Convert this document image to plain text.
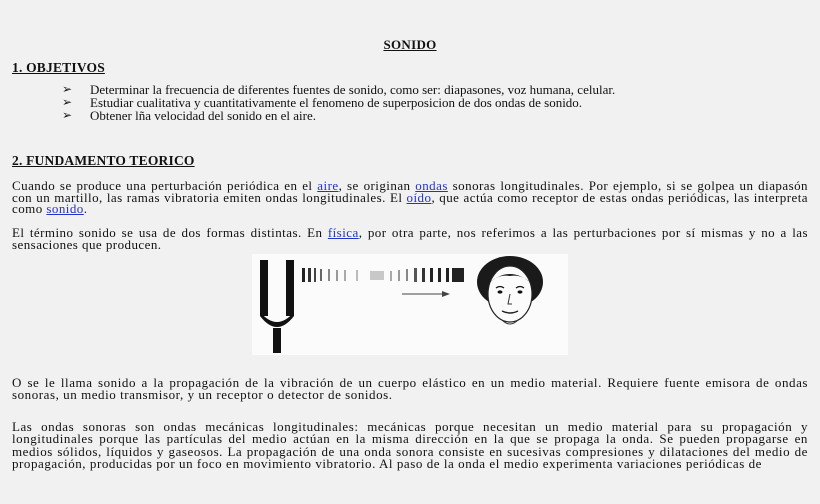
SONIDO
1. OBJETIVOS
➢ Determinar la frecuencia de diferentes fuentes de sonido, como ser: diapasones, voz humana, celular.
➢ Estudiar cualitativa y cuantitativamente el fenomeno de superposicion de dos ondas de sonido.
➢ Obtener lña velocidad del sonido en el aire.
2. FUNDAMENTO TEORICO
Cuando se produce una perturbación periódica en el aire, se originan ondas sonoras longitudinales. Por ejemplo, si se golpea un diapasón con un martillo, las ramas vibratoria emiten ondas longitudinales. El oído, que actúa como receptor de estas ondas periódicas, las interpreta como sonido.
El término sonido se usa de dos formas distintas. En física, por otra parte, nos referimos a las perturbaciones por sí mismas y no a las sensaciones que producen.
O se le llama sonido a la propagación de la vibración de un cuerpo elástico en un medio material. Requiere fuente emisora de ondas sonoras, un medio transmisor, y un receptor o detector de sonidos.
Las ondas sonoras son ondas mecánicas longitudinales: mecánicas porque necesitan un medio material para su propagación y longitudinales porque las partículas del medio actúan en la misma dirección en la que se propaga la onda. Se pueden propagarse en medios sólidos, líquidos y gaseosos. La propagación de una onda sonora consiste en sucesivas compresiones y dilataciones del medio de propagación, producidas por un foco en movimiento vibratorio. Al paso de la onda el medio experimenta variaciones periódicas de
